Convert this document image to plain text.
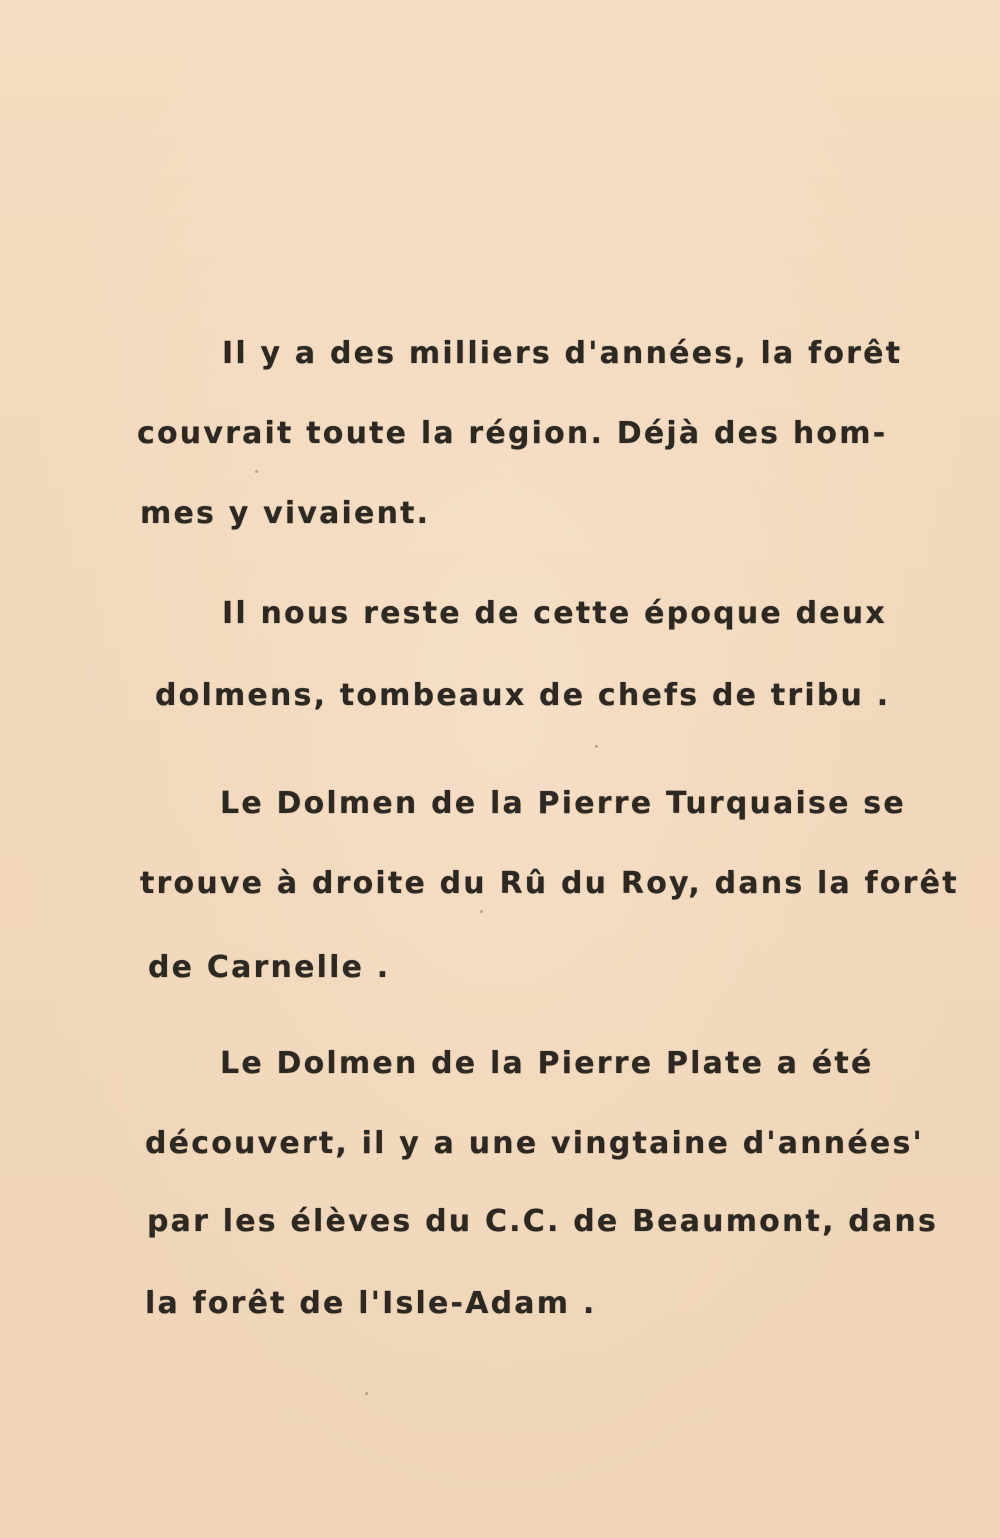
Il y a des milliers d'années, la forêt

couvrait toute la région. Déjà des hom-

mes y vivaient.

Il nous reste de cette époque deux

dolmens, tombeaux de chefs de tribu .

Le Dolmen de la Pierre Turquaise se

trouve à droite du Rû du Roy, dans la forêt

de Carnelle .

Le Dolmen de la Pierre Plate a été

découvert, il y a une vingtaine d'années'

par les élèves du C.C. de Beaumont, dans

la forêt de l'Isle-Adam .
